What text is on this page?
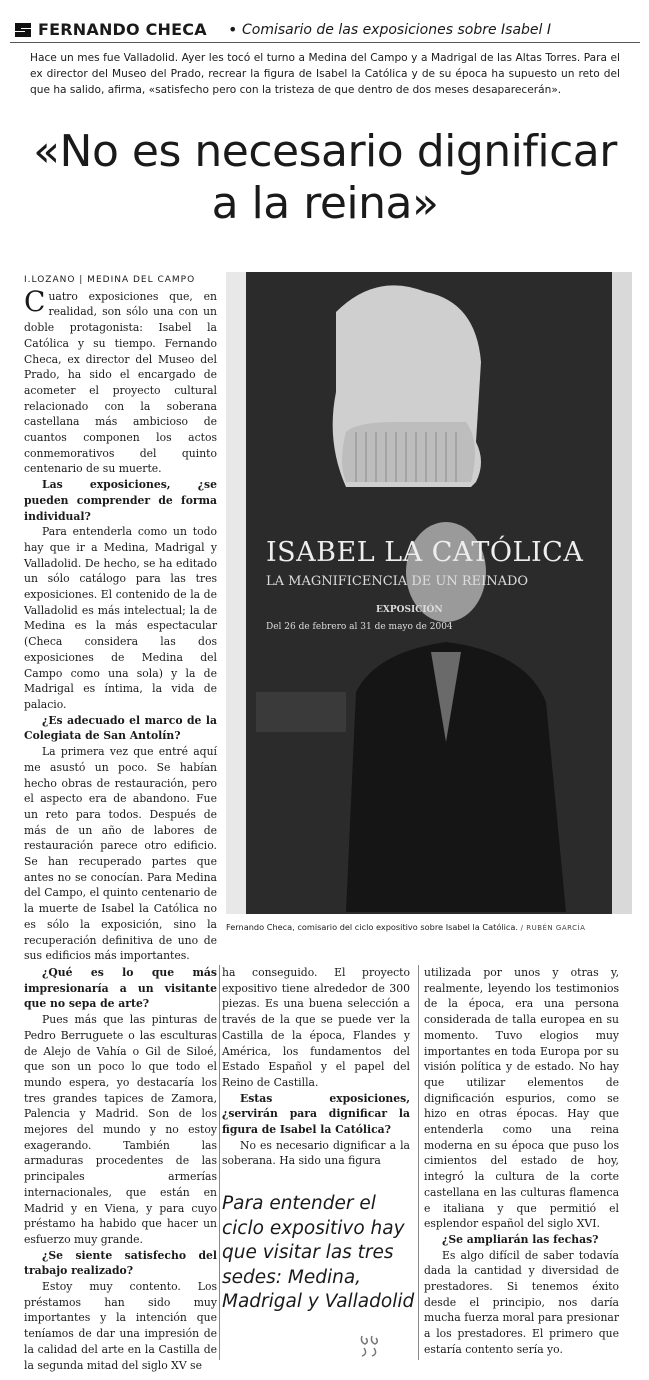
FERNANDO CHECA • Comisario de las exposiciones sobre Isabel I
Hace un mes fue Valladolid. Ayer les tocó el turno a Medina del Campo y a Madrigal de las Altas Torres. Para el ex director del Museo del Prado, recrear la figura de Isabel la Católica y de su época ha supuesto un reto del que ha salido, afirma, «satisfecho pero con la tristeza de que dentro de dos meses desaparecerán».
«No es necesario dignificar a la reina»

I.LOZANO | MEDINA DEL CAMPO

Cuatro exposiciones que, en realidad, son sólo una con un doble protagonista: Isabel la Católica y su tiempo. Fernando Checa, ex director del Museo del Prado, ha sido el encargado de acometer el proyecto cultural relacionado con la soberana castellana más ambicioso de cuantos componen los actos conmemorativos del quinto centenario de su muerte.

Las exposiciones, ¿se pueden comprender de forma individual?

Para entenderla como un todo hay que ir a Medina, Madrigal y Valladolid. De hecho, se ha editado un sólo catálogo para las tres exposiciones. El contenido de la de Valladolid es más intelectual; la de Medina es la más espectacular (Checa considera las dos exposiciones de Medina del Campo como una sola) y la de Madrigal es íntima, la vida de palacio.

¿Es adecuado el marco de la Colegiata de San Antolín?

La primera vez que entré aquí me asustó un poco. Se habían hecho obras de restauración, pero el aspecto era de abandono. Fue un reto para todos. Después de más de un año de labores de restauración parece otro edificio. Se han recuperado partes que antes no se conocían. Para Medina del Campo, el quinto centenario de la muerte de Isabel la Católica no es sólo la exposición, sino la recuperación definitiva de uno de sus edificios más importantes.

ISABEL LA CATÓLICA
LA MAGNIFICENCIA DE UN REINADO
EXPOSICIÓN
Del 26 de febrero al 31 de mayo de 2004
Fernando Checa, comisario del ciclo expositivo sobre Isabel la Católica. / RUBÉN GARCÍA

¿Qué es lo que más impresionaría a un visitante que no sepa de arte?

Pues más que las pinturas de Pedro Berruguete o las esculturas de Alejo de Vahía o Gil de Siloé, que son un poco lo que todo el mundo espera, yo destacaría los tres grandes tapices de Zamora, Palencia y Madrid. Son de los mejores del mundo y no estoy exagerando. También las armaduras procedentes de las principales armerías internacionales, que están en Madrid y en Viena, y para cuyo préstamo ha habido que hacer un esfuerzo muy grande.

¿Se siente satisfecho del trabajo realizado?

Estoy muy contento. Los préstamos han sido muy importantes y la intención que teníamos de dar una impresión de la calidad del arte en la Castilla de la segunda mitad del siglo XV se

ha conseguido. El proyecto expositivo tiene alrededor de 300 piezas. Es una buena selección a través de la que se puede ver la Castilla de la época, Flandes y América, los fundamentos del Estado Español y el papel del Reino de Castilla.

Estas exposiciones, ¿servirán para dignificar la figura de Isabel la Católica?

No es necesario dignificar a la soberana. Ha sido una figura

Para entender el ciclo expositivo hay que visitar las tres sedes: Medina, Madrigal y Valladolid

utilizada por unos y otras y, realmente, leyendo los testimonios de la época, era una persona considerada de talla europea en su momento. Tuvo elogios muy importantes en toda Europa por su visión política y de estado. No hay que utilizar elementos de dignificación espurios, como se hizo en otras épocas. Hay que entenderla como una reina moderna en su época que puso los cimientos del estado de hoy, integró la cultura de la corte castellana en las culturas flamenca e italiana y que permitió el esplendor español del siglo XVI.

¿Se ampliarán las fechas?

Es algo difícil de saber todavía dada la cantidad y diversidad de prestadores. Si tenemos éxito desde el principio, nos daría mucha fuerza moral para presionar a los prestadores. El primero que estaría contento sería yo.
